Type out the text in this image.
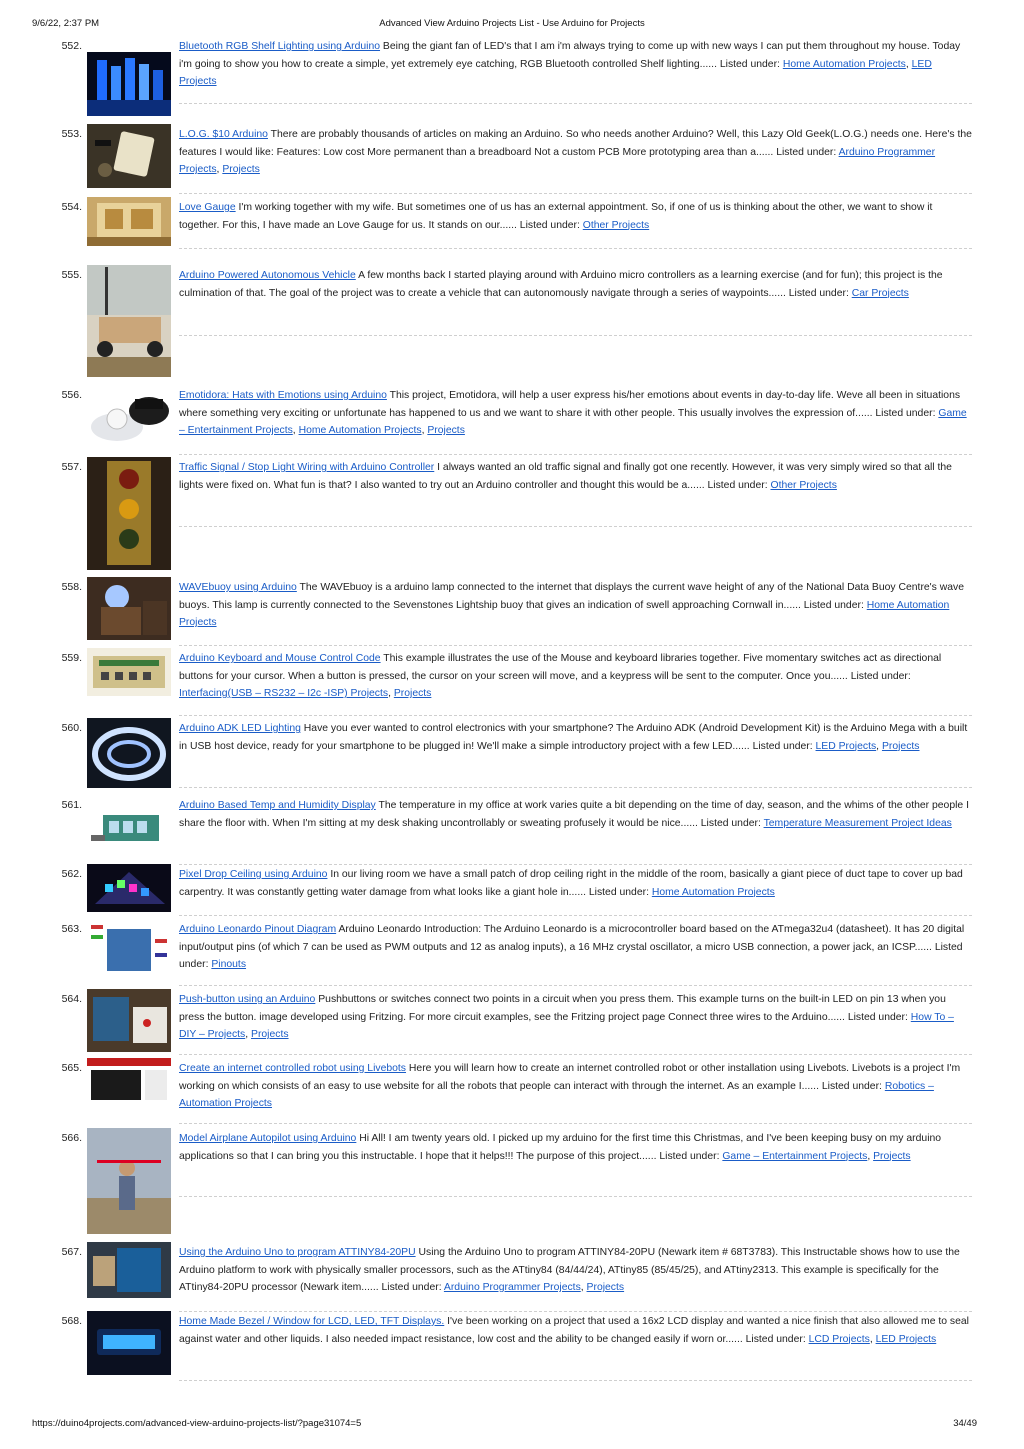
9/6/22, 2:37 PM	Advanced View Arduino Projects List - Use Arduino for Projects
552.	Bluetooth RGB Shelf Lighting using Arduino Being the giant fan of LED's that I am i'm always trying to come up with new ways I can put them throughout my house. Today i'm going to show you how to create a simple, yet extremely eye catching, RGB Bluetooth controlled Shelf lighting...... Listed under: Home Automation Projects, LED Projects
553.	L.O.G. $10 Arduino There are probably thousands of articles on making an Arduino. So who needs another Arduino? Well, this Lazy Old Geek(L.O.G.) needs one. Here's the features I would like: Features: Low cost More permanent than a breadboard Not a custom PCB More prototyping area than a...... Listed under: Arduino Programmer Projects, Projects
554.	Love Gauge I'm working together with my wife. But sometimes one of us has an external appointment. So, if one of us is thinking about the other, we want to show it together. For this, I have made an Love Gauge for us. It stands on our...... Listed under: Other Projects
555.	Arduino Powered Autonomous Vehicle A few months back I started playing around with Arduino micro controllers as a learning exercise (and for fun); this project is the culmination of that. The goal of the project was to create a vehicle that can autonomously navigate through a series of waypoints...... Listed under: Car Projects
556.	Emotidora: Hats with Emotions using Arduino This project, Emotidora, will help a user express his/her emotions about events in day-to-day life. Weve all been in situations where something very exciting or unfortunate has happened to us and we want to share it with other people. This usually involves the expression of...... Listed under: Game – Entertainment Projects, Home Automation Projects, Projects
557.	Traffic Signal / Stop Light Wiring with Arduino Controller I always wanted an old traffic signal and finally got one recently. However, it was very simply wired so that all the lights were fixed on. What fun is that? I also wanted to try out an Arduino controller and thought this would be a...... Listed under: Other Projects
558.	WAVEbuoy using Arduino The WAVEbuoy is a arduino lamp connected to the internet that displays the current wave height of any of the National Data Buoy Centre's wave buoys. This lamp is currently connected to the Sevenstones Lightship buoy that gives an indication of swell approaching Cornwall in...... Listed under: Home Automation Projects
559.	Arduino Keyboard and Mouse Control Code This example illustrates the use of the Mouse and keyboard libraries together. Five momentary switches act as directional buttons for your cursor. When a button is pressed, the cursor on your screen will move, and a keypress will be sent to the computer. Once you...... Listed under: Interfacing(USB – RS232 – I2c -ISP) Projects, Projects
560.	Arduino ADK LED Lighting Have you ever wanted to control electronics with your smartphone? The Arduino ADK (Android Development Kit) is the Arduino Mega with a built in USB host device, ready for your smartphone to be plugged in! We'll make a simple introductory project with a few LED...... Listed under: LED Projects, Projects
561.	Arduino Based Temp and Humidity Display The temperature in my office at work varies quite a bit depending on the time of day, season, and the whims of the other people I share the floor with. When I'm sitting at my desk shaking uncontrollably or sweating profusely it would be nice...... Listed under: Temperature Measurement Project Ideas
562.	Pixel Drop Ceiling using Arduino In our living room we have a small patch of drop ceiling right in the middle of the room, basically a giant piece of duct tape to cover up bad carpentry. It was constantly getting water damage from what looks like a giant hole in...... Listed under: Home Automation Projects
563.	Arduino Leonardo Pinout Diagram Arduino Leonardo Introduction: The Arduino Leonardo is a microcontroller board based on the ATmega32u4 (datasheet). It has 20 digital input/output pins (of which 7 can be used as PWM outputs and 12 as analog inputs), a 16 MHz crystal oscillator, a micro USB connection, a power jack, an ICSP...... Listed under: Pinouts
564.	Push-button using an Arduino Pushbuttons or switches connect two points in a circuit when you press them. This example turns on the built-in LED on pin 13 when you press the button. image developed using Fritzing. For more circuit examples, see the Fritzing project page Connect three wires to the Arduino...... Listed under: How To – DIY – Projects, Projects
565.	Create an internet controlled robot using Livebots Here you will learn how to create an internet controlled robot or other installation using Livebots. Livebots is a project I'm working on which consists of an easy to use website for all the robots that people can interact with through the internet. As an example I...... Listed under: Robotics – Automation Projects
566.	Model Airplane Autopilot using Arduino Hi All! I am twenty years old. I picked up my arduino for the first time this Christmas, and I've been keeping busy on my arduino applications so that I can bring you this instructable. I hope that it helps!!! The purpose of this project...... Listed under: Game – Entertainment Projects, Projects
567.	Using the Arduino Uno to program ATTINY84-20PU Using the Arduino Uno to program ATTINY84-20PU (Newark item # 68T3783). This Instructable shows how to use the Arduino platform to work with physically smaller processors, such as the ATtiny84 (84/44/24), ATtiny85 (85/45/25), and ATtiny2313. This example is specifically for the ATtiny84-20PU processor (Newark item...... Listed under: Arduino Programmer Projects, Projects
568.	Home Made Bezel / Window for LCD, LED, TFT Displays. I've been working on a project that used a 16x2 LCD display and wanted a nice finish that also allowed me to seal against water and other liquids. I also needed impact resistance, low cost and the ability to be changed easily if worn or...... Listed under: LCD Projects, LED Projects
https://duino4projects.com/advanced-view-arduino-projects-list/?page31074=5	34/49
